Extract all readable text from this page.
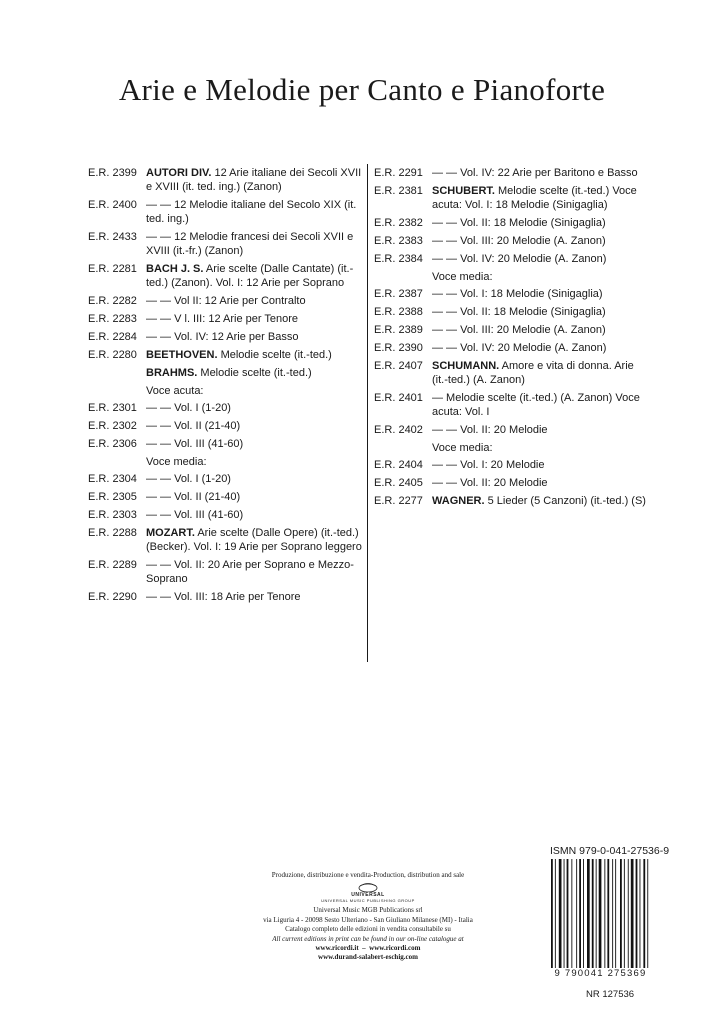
Arie e Melodie per Canto e Pianoforte
E.R. 2399 AUTORI DIV. 12 Arie italiane dei Secoli XVII e XVIII (it. ted. ing.) (Zanon)
E.R. 2400 — — 12 Melodie italiane del Secolo XIX (it. ted. ing.)
E.R. 2433 — — 12 Melodie francesi dei Secoli XVII e XVIII (it.-fr.) (Zanon)
E.R. 2281 BACH J. S. Arie scelte (Dalle Cantate) (it.-ted.) (Zanon). Vol. I: 12 Arie per Soprano
E.R. 2282 — — Vol II: 12 Arie per Contralto
E.R. 2283 — — V l. III: 12 Arie per Tenore
E.R. 2284 — — Vol. IV: 12 Arie per Basso
E.R. 2280 BEETHOVEN. Melodie scelte (it.-ted.)
BRAHMS. Melodie scelte (it.-ted.)
Voce acuta:
E.R. 2301 — — Vol. I (1-20)
E.R. 2302 — — Vol. II (21-40)
E.R. 2306 — — Vol. III (41-60)
Voce media:
E.R. 2304 — — Vol. I (1-20)
E.R. 2305 — — Vol. II (21-40)
E.R. 2303 — — Vol. III (41-60)
E.R. 2288 MOZART. Arie scelte (Dalle Opere) (it.-ted.) (Becker). Vol. I: 19 Arie per Soprano leggero
E.R. 2289 — — Vol. II: 20 Arie per Soprano e Mezzo-Soprano
E.R. 2290 — — Vol. III: 18 Arie per Tenore
E.R. 2291 — — Vol. IV: 22 Arie per Baritono e Basso
E.R. 2381 SCHUBERT. Melodie scelte (it.-ted.) Voce acuta: Vol. I: 18 Melodie (Sinigaglia)
E.R. 2382 — — Vol. II: 18 Melodie (Sinigaglia)
E.R. 2383 — — Vol. III: 20 Melodie (A. Zanon)
E.R. 2384 — — Vol. IV: 20 Melodie (A. Zanon)
Voce media:
E.R. 2387 — — Vol. I: 18 Melodie (Sinigaglia)
E.R. 2388 — — Vol. II: 18 Melodie (Sinigaglia)
E.R. 2389 — — Vol. III: 20 Melodie (A. Zanon)
E.R. 2390 — — Vol. IV: 20 Melodie (A. Zanon)
E.R. 2407 SCHUMANN. Amore e vita di donna. Arie (it.-ted.) (A. Zanon)
E.R. 2401 — Melodie scelte (it.-ted.) (A. Zanon) Voce acuta: Vol. I
E.R. 2402 — — Vol. II: 20 Melodie
Voce media:
E.R. 2404 — — Vol. I: 20 Melodie
E.R. 2405 — — Vol. II: 20 Melodie
E.R. 2277 WAGNER. 5 Lieder (5 Canzoni) (it.-ted.) (S)
Produzione, distribuzione e vendita-Production, distribution and sale
UNIVERSAL
UNIVERSAL MUSIC PUBLISHING GROUP
Universal Music MGB Publications srl
via Liguria 4 - 20098 Sesto Ulteriano - San Giuliano Milanese (MI) - Italia
Catalogo completo delle edizioni in vendita consultabile su
All current editions in print can be found in our on-line catalogue at
www.ricordi.it  –  www.ricordi.com
www.durand-salabert-eschig.com
ISMN 979-0-041-27536-9
9 790041 275369
NR 127536
